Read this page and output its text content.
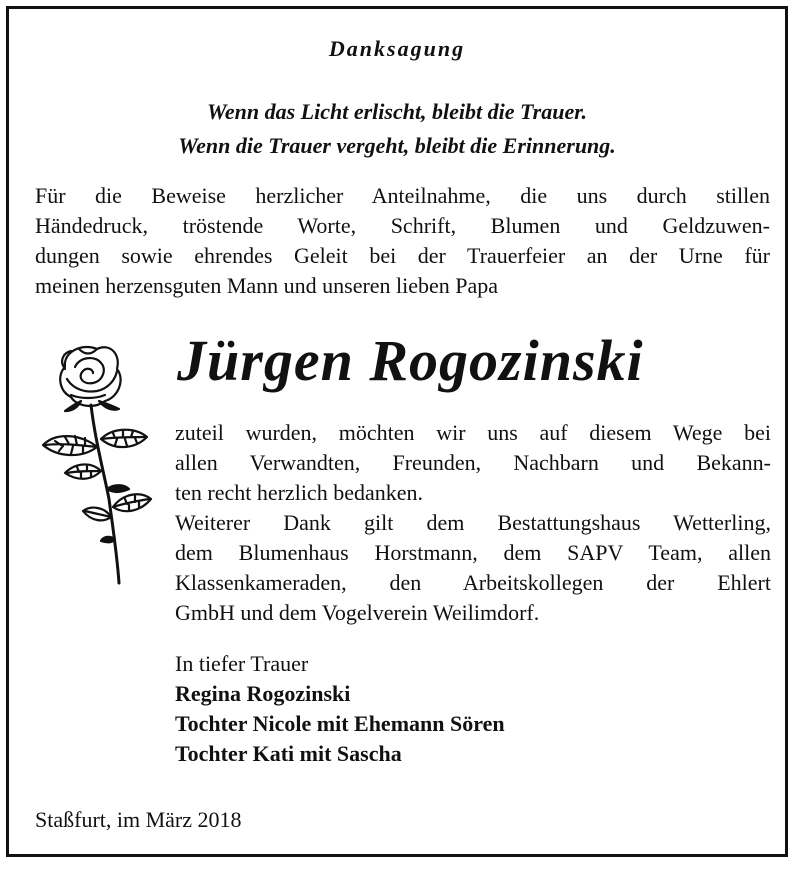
Danksagung
Wenn das Licht erlischt, bleibt die Trauer.
Wenn die Trauer vergeht, bleibt die Erinnerung.
Für die Beweise herzlicher Anteilnahme, die uns durch stillen
Händedruck, tröstende Worte, Schrift, Blumen und Geldzuwen-
dungen sowie ehrendes Geleit bei der Trauerfeier an der Urne für
meinen herzensguten Mann und unseren lieben Papa
Jürgen Rogozinski
zuteil wurden, möchten wir uns auf diesem Wege bei
allen Verwandten, Freunden, Nachbarn und Bekann-
ten recht herzlich bedanken.
Weiterer Dank gilt dem Bestattungshaus Wetterling,
dem Blumenhaus Horstmann, dem SAPV Team, allen
Klassenkameraden, den Arbeitskollegen der Ehlert
GmbH und dem Vogelverein Weilimdorf.
In tiefer Trauer
Regina Rogozinski
Tochter Nicole mit Ehemann Sören
Tochter Kati mit Sascha
Staßfurt, im März 2018
